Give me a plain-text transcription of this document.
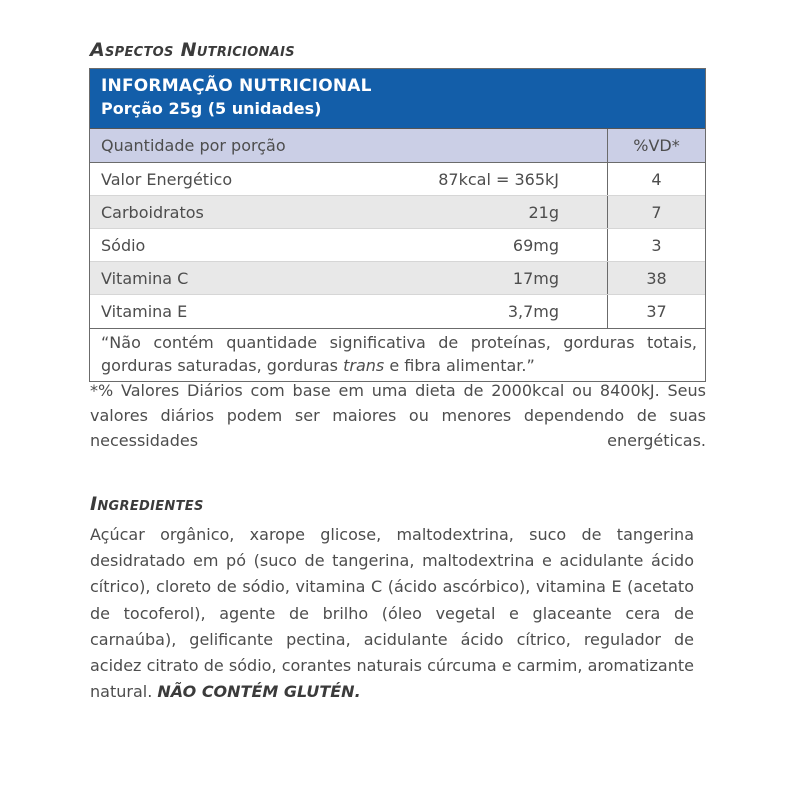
Aspectos Nutricionais
INFORMAÇÃO NUTRICIONAL
Porção 25g (5 unidades)
Quantidade por porção	%VD*
Valor Energético	87kcal = 365kJ	4
Carboidratos	21g	7
Sódio	69mg	3
Vitamina C	17mg	38
Vitamina E	3,7mg	37
“Não contém quantidade significativa de proteínas, gorduras totais, gorduras saturadas, gorduras trans e fibra alimentar.”
*% Valores Diários com base em uma dieta de 2000kcal ou 8400kJ. Seus valores diários podem ser maiores ou menores dependendo de suas necessidades energéticas.
Ingredientes
Açúcar orgânico, xarope glicose, maltodextrina, suco de tangerina desidratado em pó (suco de tangerina, maltodextrina e acidulante ácido cítrico), cloreto de sódio, vitamina C (ácido ascórbico), vitamina E (acetato de tocoferol), agente de brilho (óleo vegetal e glaceante cera de carnaúba), gelificante pectina, acidulante ácido cítrico, regulador de acidez citrato de sódio, corantes naturais cúrcuma e carmim, aromatizante natural. NÃO CONTÉM GLUTÉN.
